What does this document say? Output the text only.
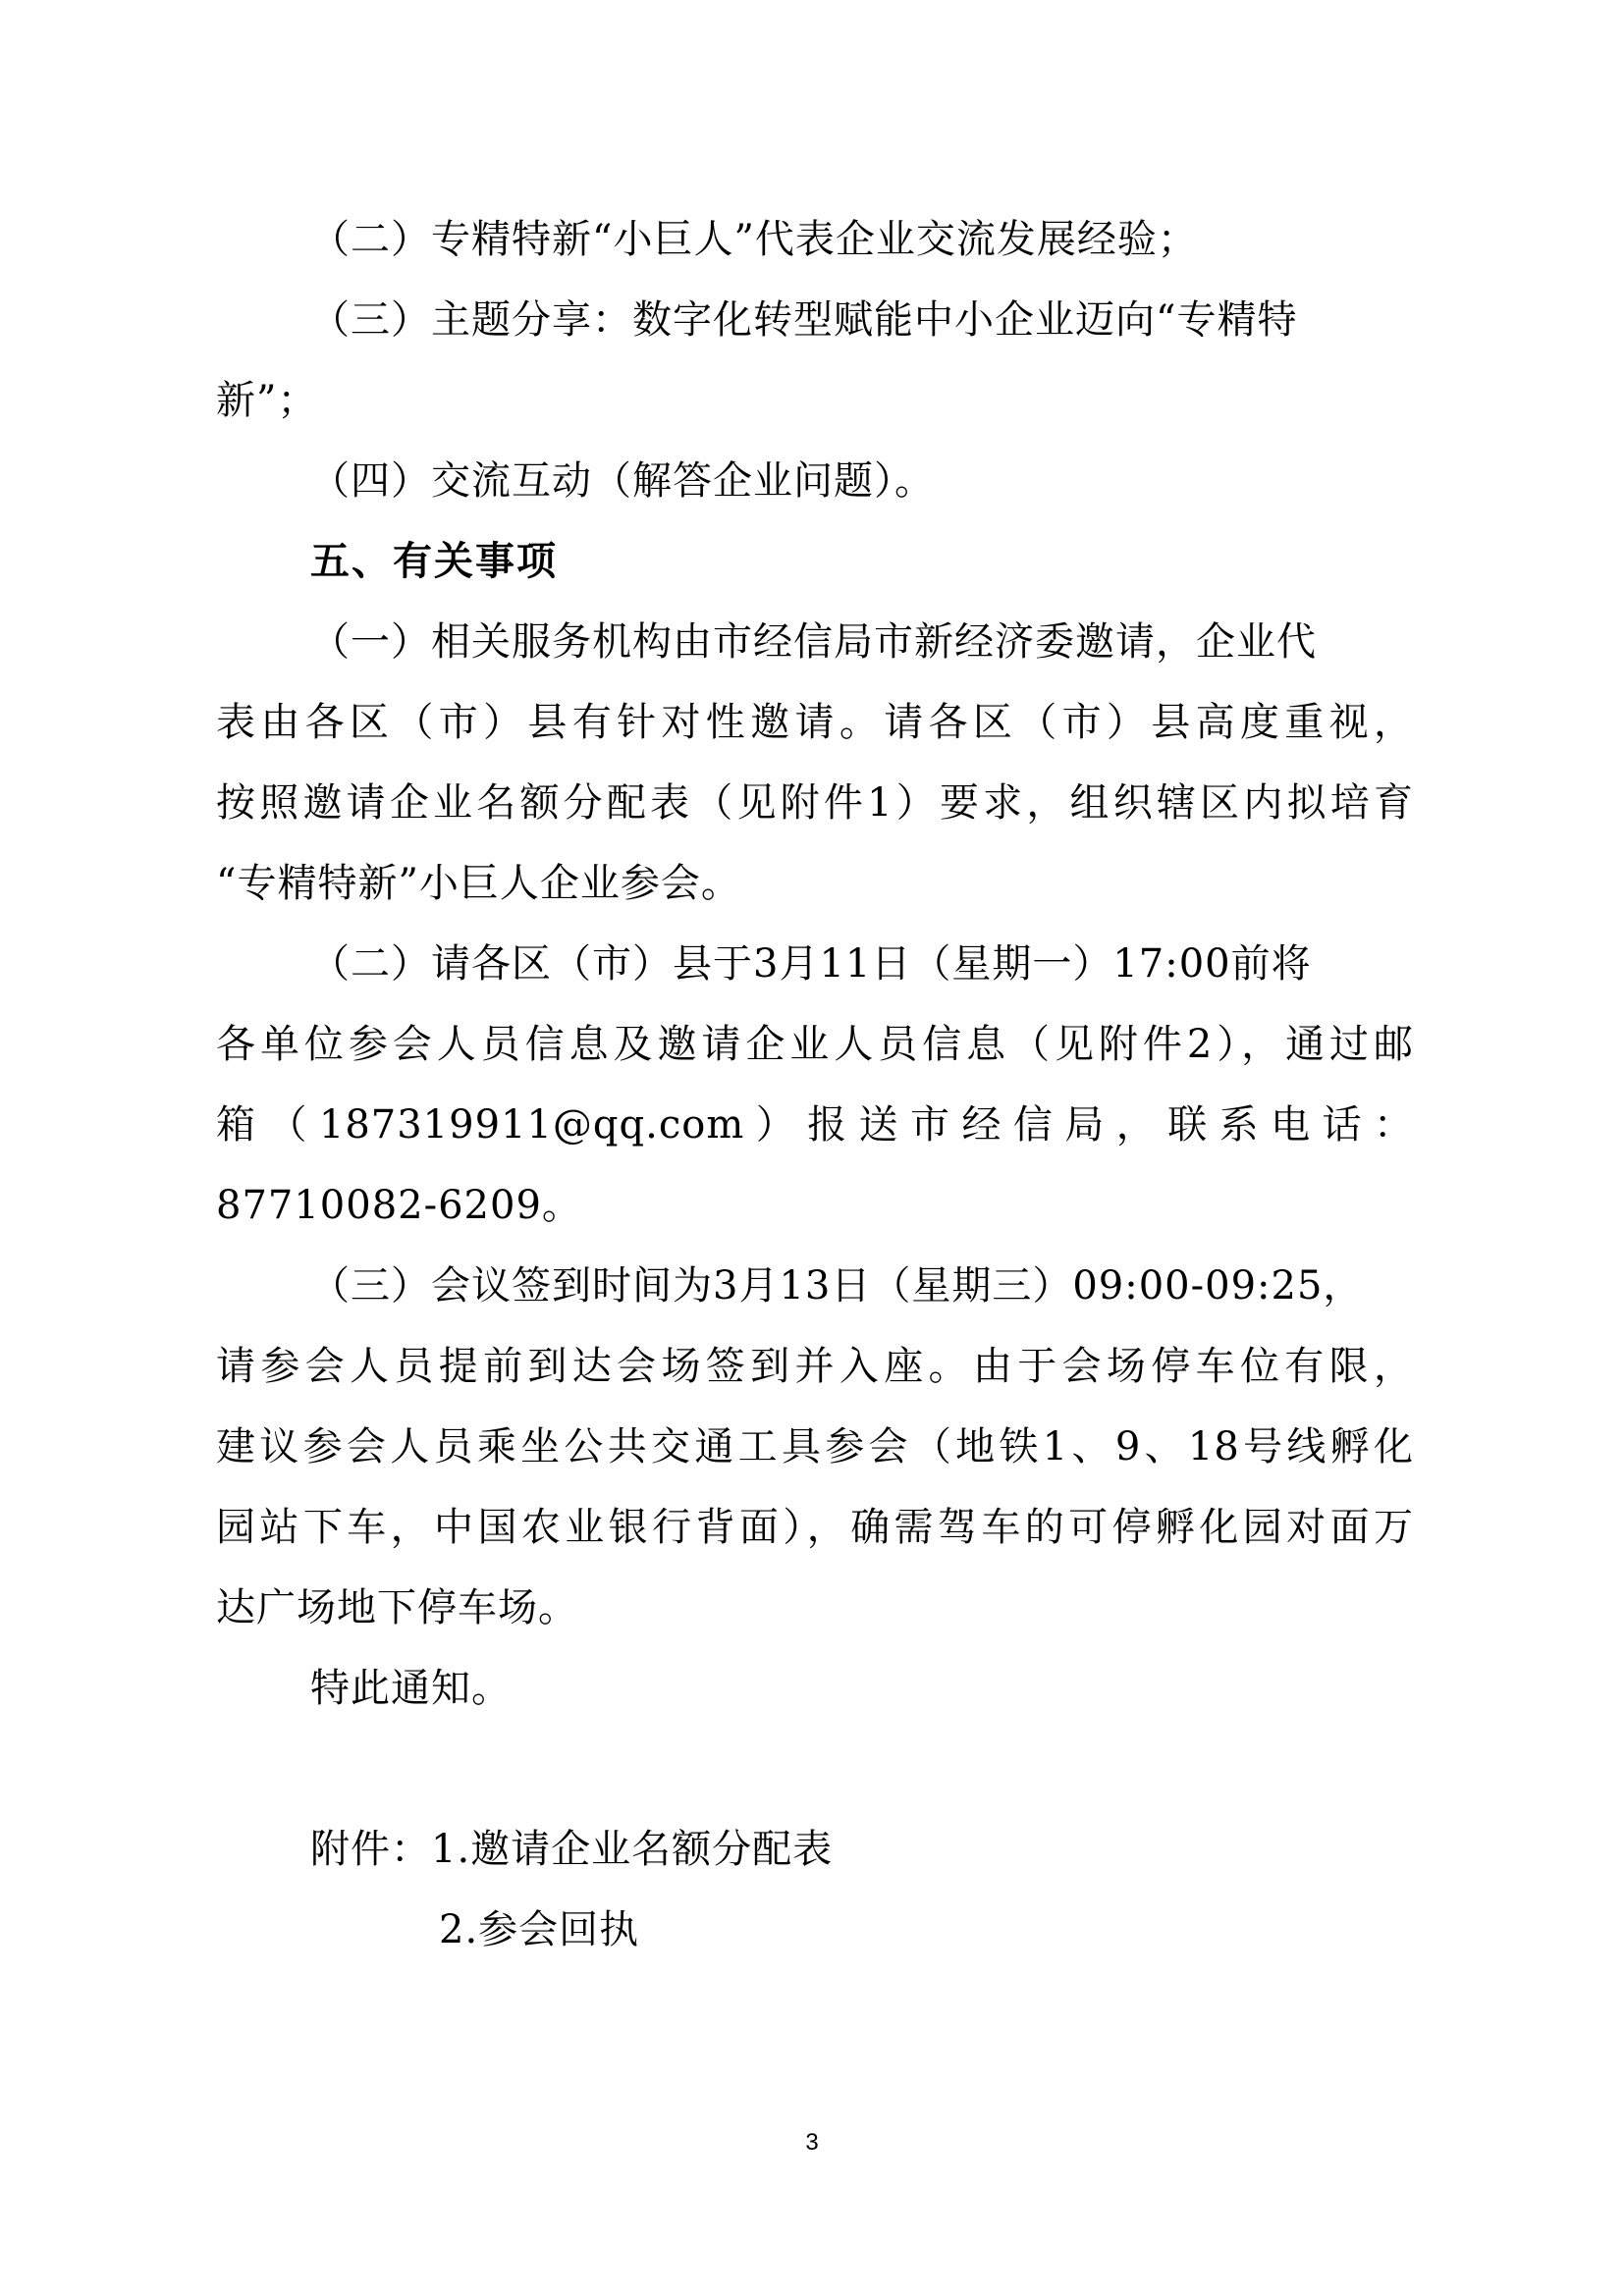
（二）专精特新“小巨人”代表企业交流发展经验；
（三）主题分享：数字化转型赋能中小企业迈向“专精特
新”；
（四）交流互动（解答企业问题）。
五、有关事项
（一）相关服务机构由市经信局市新经济委邀请，企业代
表由各区（市）县有针对性邀请。请各区（市）县高度重视，
按照邀请企业名额分配表（见附件1）要求，组织辖区内拟培育
“专精特新”小巨人企业参会。
（二）请各区（市）县于3月11日（星期一）17:00前将
各单位参会人员信息及邀请企业人员信息（见附件2），通过邮
箱（187319911@qq.com）报送市经信局，联系电话：
87710082-6209。
（三）会议签到时间为3月13日（星期三）09:00-09:25，
请参会人员提前到达会场签到并入座。由于会场停车位有限，
建议参会人员乘坐公共交通工具参会（地铁1、9、18号线孵化
园站下车，中国农业银行背面），确需驾车的可停孵化园对面万
达广场地下停车场。
特此通知。
附件：1.邀请企业名额分配表
2.参会回执
3
